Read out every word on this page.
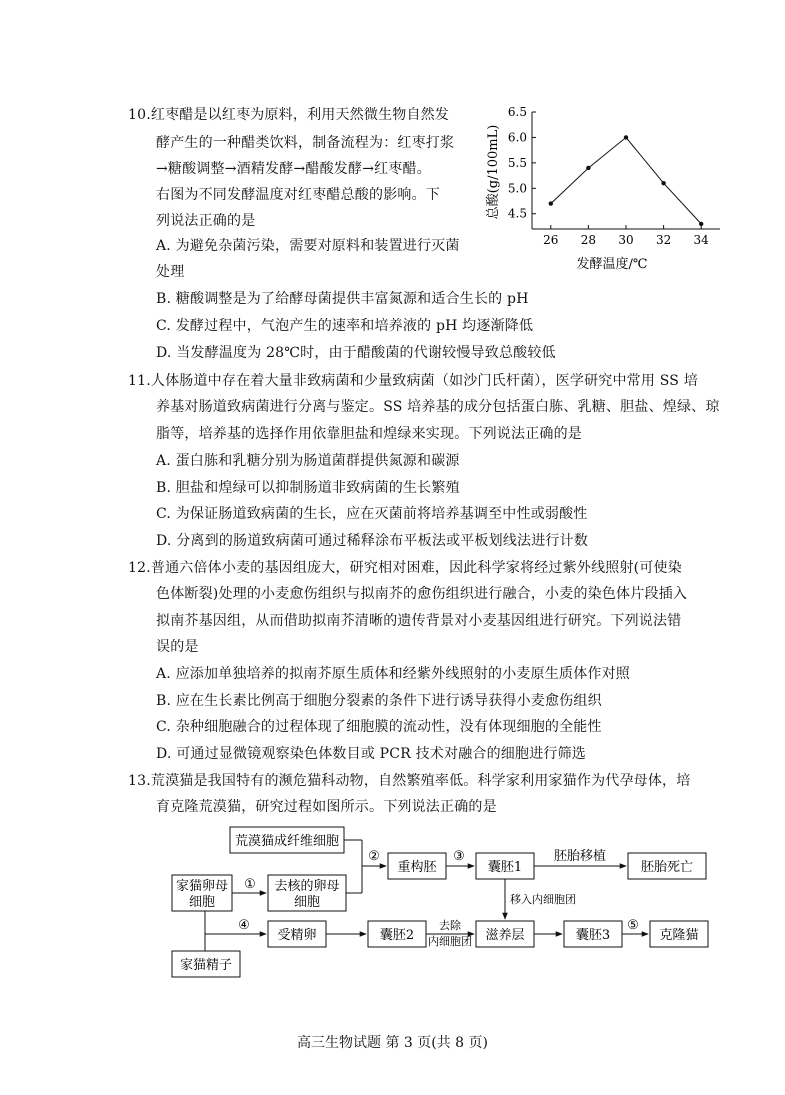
10.红枣醋是以红枣为原料，利用天然微生物自然发
酵产生的一种醋类饮料，制备流程为：红枣打浆
→糖酸调整→酒精发酵→醋酸发酵→红枣醋。
右图为不同发酵温度对红枣醋总酸的影响。下
列说法正确的是
A. 为避免杂菌污染，需要对原料和装置进行灭菌
处理
B. 糖酸调整是为了给酵母菌提供丰富氮源和适合生长的 pH
C. 发酵过程中，气泡产生的速率和培养液的 pH 均逐渐降低
D. 当发酵温度为 28℃时，由于醋酸菌的代谢较慢导致总酸较低
4.5
5.0
5.5
6.0
6.5
26 28 30 32 34
总酸(g/100mL)
发酵温度/℃
11.人体肠道中存在着大量非致病菌和少量致病菌（如沙门氏杆菌），医学研究中常用 SS 培
养基对肠道致病菌进行分离与鉴定。SS 培养基的成分包括蛋白胨、乳糖、胆盐、煌绿、琼
脂等，培养基的选择作用依靠胆盐和煌绿来实现。下列说法正确的是
A. 蛋白胨和乳糖分别为肠道菌群提供氮源和碳源
B. 胆盐和煌绿可以抑制肠道非致病菌的生长繁殖
C. 为保证肠道致病菌的生长，应在灭菌前将培养基调至中性或弱酸性
D. 分离到的肠道致病菌可通过稀释涂布平板法或平板划线法进行计数
12.普通六倍体小麦的基因组庞大，研究相对困难，因此科学家将经过紫外线照射(可使染
色体断裂)处理的小麦愈伤组织与拟南芥的愈伤组织进行融合，小麦的染色体片段插入
拟南芥基因组，从而借助拟南芥清晰的遗传背景对小麦基因组进行研究。下列说法错
误的是
A. 应添加单独培养的拟南芥原生质体和经紫外线照射的小麦原生质体作对照
B. 应在生长素比例高于细胞分裂素的条件下进行诱导获得小麦愈伤组织
C. 杂种细胞融合的过程体现了细胞膜的流动性，没有体现细胞的全能性
D. 可通过显微镜观察染色体数目或 PCR 技术对融合的细胞进行筛选
13.荒漠猫是我国特有的濒危猫科动物，自然繁殖率低。科学家利用家猫作为代孕母体，培
育克隆荒漠猫，研究过程如图所示。下列说法正确的是
荒漠猫成纤维细胞
家猫卵母
细胞
去核的卵母
细胞
重构胚	囊胚1	胚胎死亡
受精卵	囊胚2	滋养层	囊胚3	克隆猫
家猫精子
①
②	③	胚胎移植
移入内细胞团
④	去除
内细胞团
⑤
高三生物试题 第 3 页(共 8 页)
